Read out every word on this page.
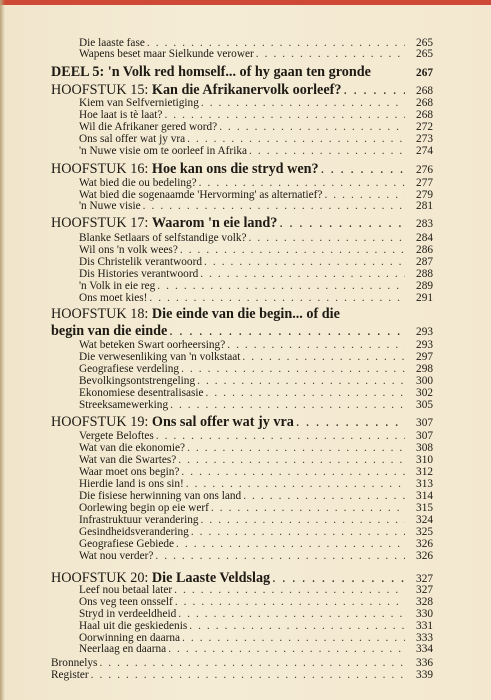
Die laaste fase . . .	265
Wapens beset maar Sielkunde verower . . .	265
DEEL 5: 'n Volk red homself... of hy gaan ten gronde	267
HOOFSTUK 15: Kan die Afrikanervolk oorleef? . . .	268
Kiem van Selfvernietiging . . .	268
Hoe laat is tè laat? . . .	268
Wil die Afrikaner gered word? . . .	272
Ons sal offer wat jy vra . . .	273
'n Nuwe visie om te oorleef in Afrika . . .	274
HOOFSTUK 16: Hoe kan ons die stryd wen? . . .	276
Wat bied die ou bedeling? . . .	277
Wat bied die sogenaamde 'Hervorming' as alternatief? . . .	279
'n Nuwe visie . . .	281
HOOFSTUK 17: Waarom 'n eie land? . . .	283
Blanke Setlaars of selfstandige volk? . . .	284
Wil ons 'n volk wees? . . .	286
Dis Christelik verantwoord . . .	287
Dis Histories verantwoord . . .	288
'n Volk in eie reg . . .	289
Ons moet kies! . . .	291
HOOFSTUK 18: Die einde van die begin... of die
begin van die einde . . .	293
Wat beteken Swart oorheersing? . . .	293
Die verwesenliking van 'n volkstaat . . .	297
Geografiese verdeling . . .	298
Bevolkingsontstrengeling . . .	300
Ekonomiese desentralisasie . . .	302
Streeksamewerking . . .	305
HOOFSTUK 19: Ons sal offer wat jy vra . . .	307
Vergete Beloftes . . .	307
Wat van die ekonomie? . . .	308
Wat van die Swartes? . . .	310
Waar moet ons begin? . . .	312
Hierdie land is ons sin! . . .	313
Die fisiese herwinning van ons land . . .	314
Oorlewing begin op eie werf . . .	315
Infrastruktuur verandering . . .	324
Gesindheidsverandering . . .	325
Geografiese Gebiede . . .	326
Wat nou verder? . . .	326
HOOFSTUK 20: Die Laaste Veldslag . . .	327
Leef nou betaal later . . .	327
Ons veg teen onsself . . .	328
Stryd in verdeeldheid . . .	330
Haal uit die geskiedenis . . .	331
Oorwinning en daarna . . .	333
Neerlaag en daarna . . .	334
Bronnelys . . .	336
Register . . .	339
